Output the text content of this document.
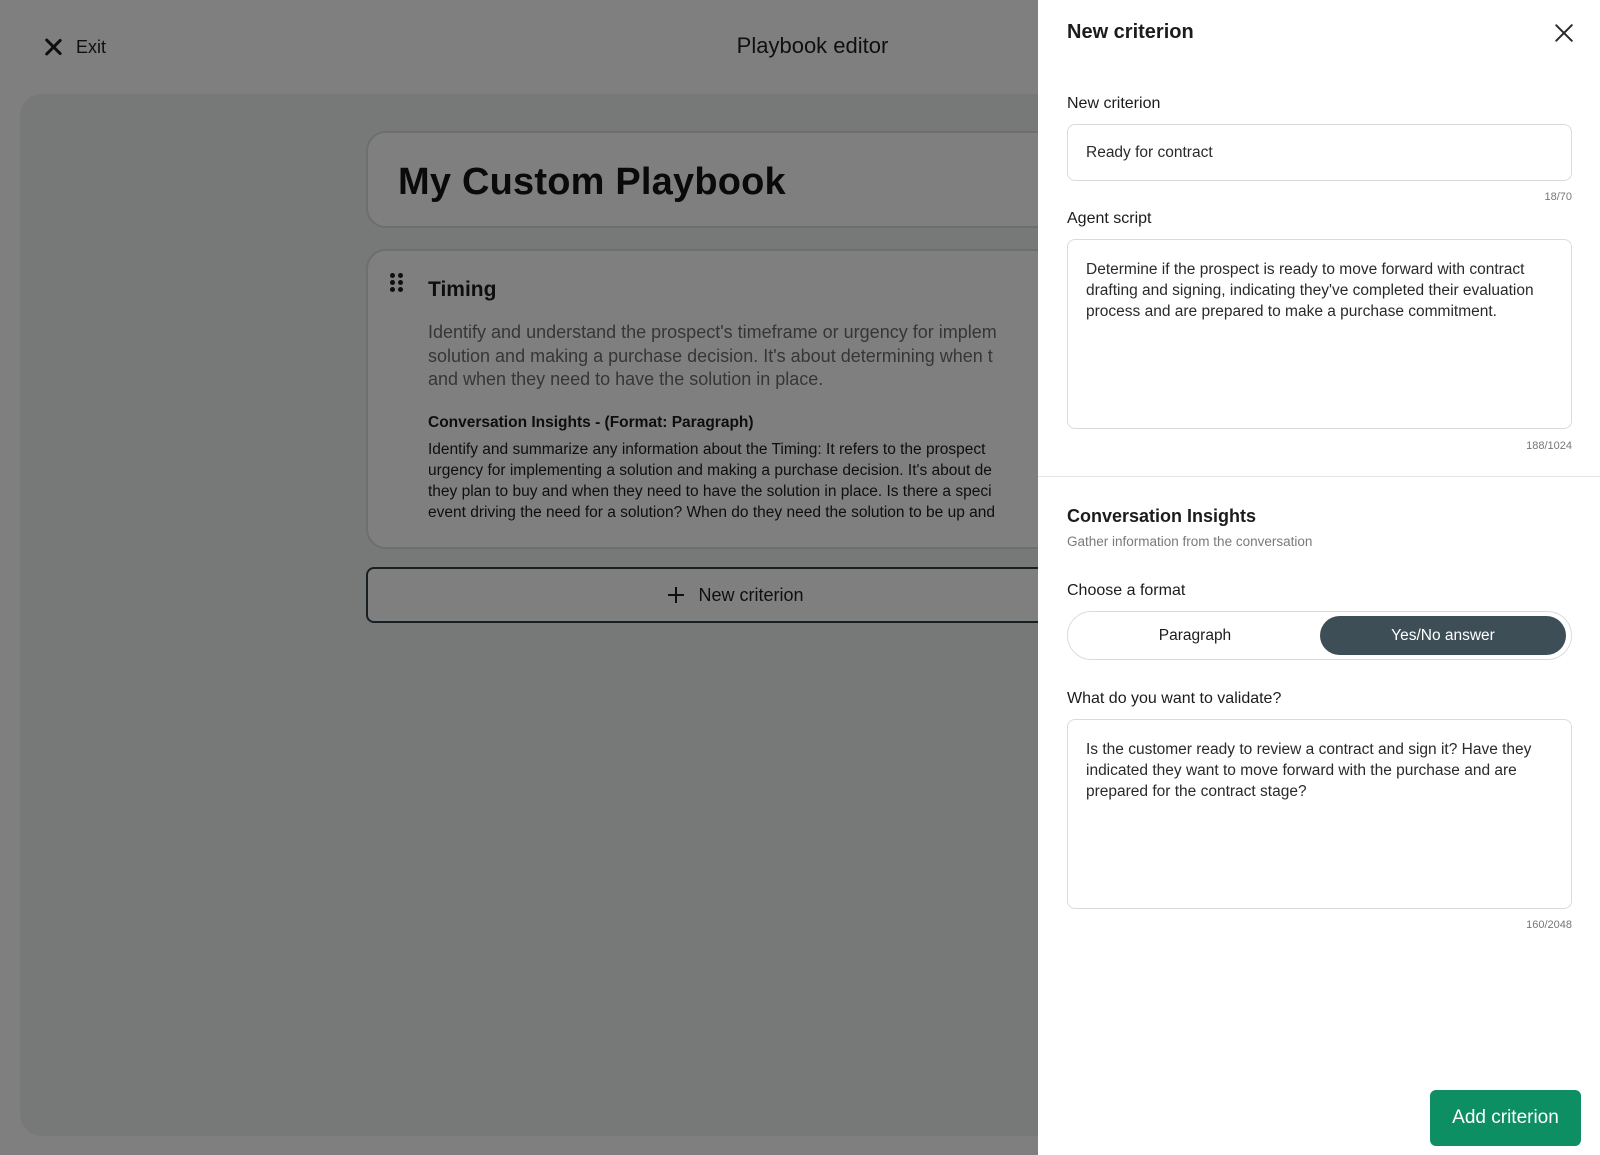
New criterion
New criterion
Ready for contract
18/70
Agent script
Determine if the prospect is ready to move forward with contract drafting and signing, indicating they've completed their evaluation process and are prepared to make a purchase commitment.
188/1024
Conversation Insights
Gather information from the conversation
Choose a format
Paragraph	Yes/No answer
What do you want to validate?
Is the customer ready to review a contract and sign it? Have they indicated they want to move forward with the purchase and are prepared for the contract stage?
160/2048
Add criterion
